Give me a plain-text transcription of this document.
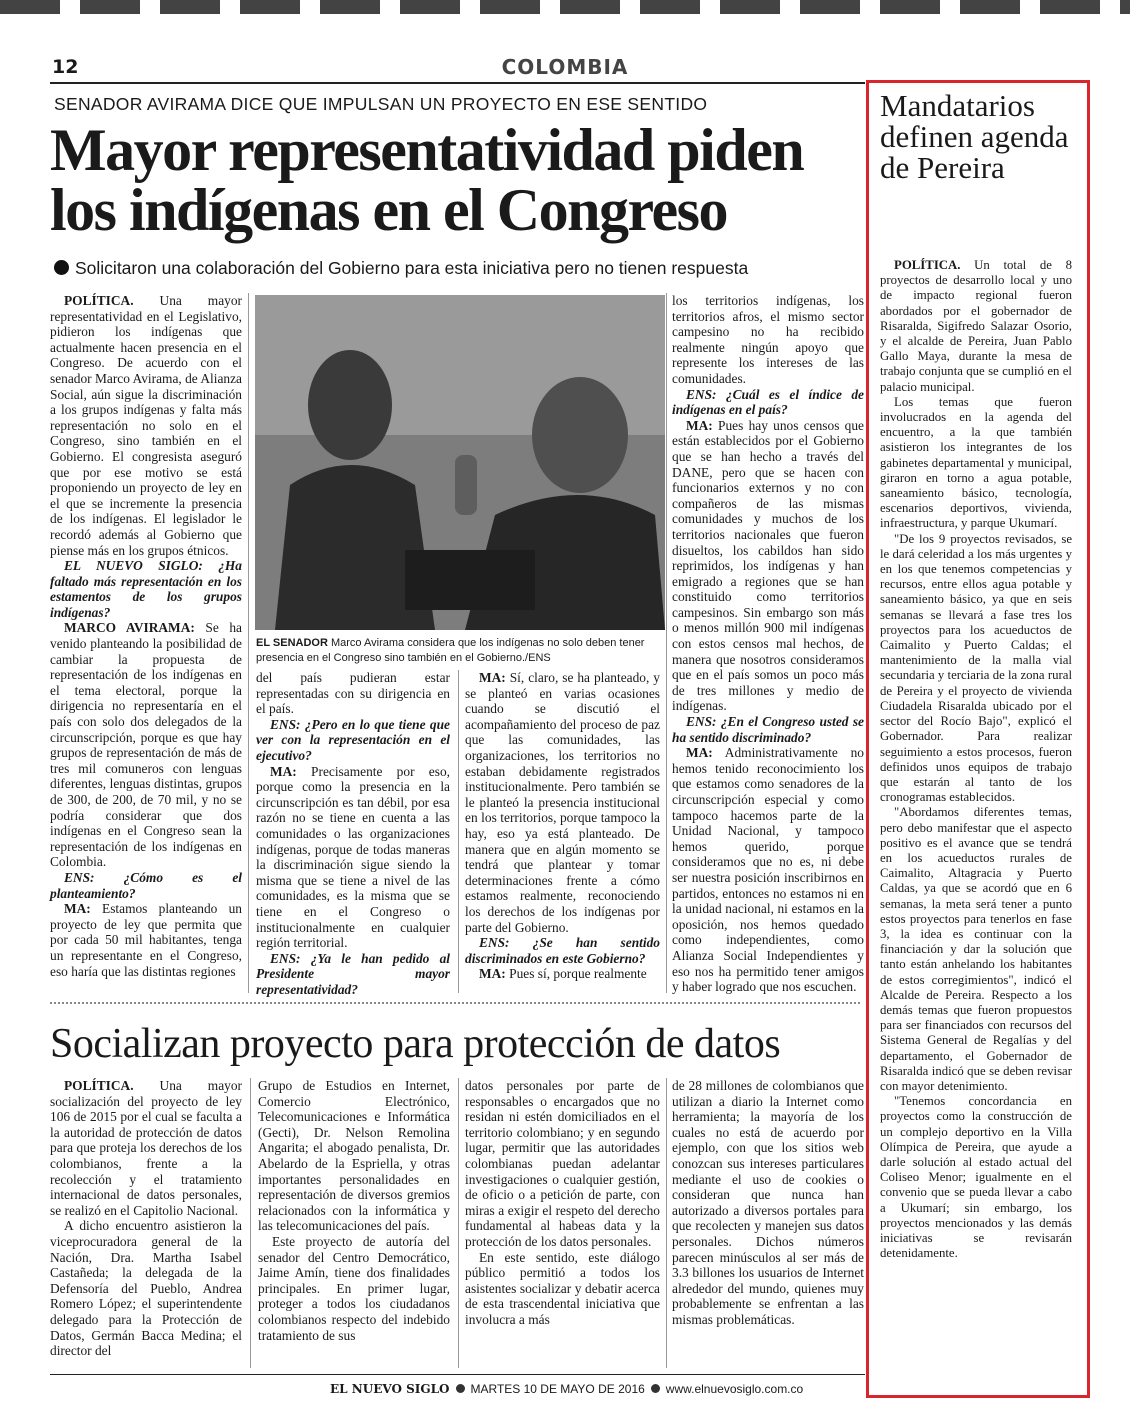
12	COLOMBIA
SENADOR AVIRAMA DICE QUE IMPULSAN UN PROYECTO EN ESE SENTIDO
Mayor representatividad piden los indígenas en el Congreso
Solicitaron una colaboración del Gobierno para esta iniciativa pero no tienen respuesta

POLÍTICA. Una mayor representatividad en el Legislativo, pidieron los indígenas que actualmente hacen presencia en el Congreso. De acuerdo con el senador Marco Avirama, de Alianza Social, aún sigue la discriminación a los grupos indígenas y falta más representación no solo en el Congreso, sino también en el Gobierno. El congresista aseguró que por ese motivo se está proponiendo un proyecto de ley en el que se incremente la presencia de los indígenas. El legislador le recordó además al Gobierno que piense más en los grupos étnicos.

EL NUEVO SIGLO: ¿Ha faltado más representación en los estamentos de los grupos indígenas?

MARCO AVIRAMA: Se ha venido planteando la posibilidad de cambiar la propuesta de representación de los indígenas en el tema electoral, porque la dirigencia no representaría en el país con solo dos delegados de la circunscripción, porque es que hay grupos de representación de más de tres mil comuneros con lenguas diferentes, lenguas distintas, grupos de 300, de 200, de 70 mil, y no se podría considerar que dos indígenas en el Congreso sean la representación de los indígenas en Colombia.

ENS: ¿Cómo es el planteamiento?

MA: Estamos planteando un proyecto de ley que permita que por cada 50 mil habitantes, tenga un representante en el Congreso, eso haría que las distintas regiones

EL SENADOR Marco Avirama considera que los indígenas no solo deben tener presencia en el Congreso sino también en el Gobierno./ENS

del país pudieran estar representadas con su dirigencia en el país.

ENS: ¿Pero en lo que tiene que ver con la representación en el ejecutivo?

MA: Precisamente por eso, porque como la presencia en la circunscripción es tan débil, por esa razón no se tiene en cuenta a las comunidades o las organizaciones indígenas, porque de todas maneras la discriminación sigue siendo la misma que se tiene a nivel de las comunidades, es la misma que se tiene en el Congreso o institucionalmente en cualquier región territorial.

ENS: ¿Ya le han pedido al Presidente mayor representatividad?

MA: Sí, claro, se ha planteado, y se planteó en varias ocasiones cuando se discutió el acompañamiento del proceso de paz que las comunidades, las organizaciones, los territorios no estaban debidamente registrados institucionalmente. Pero también se le planteó la presencia institucional en los territorios, porque tampoco la hay, eso ya está planteado. De manera que en algún momento se tendrá que plantear y tomar determinaciones frente a cómo estamos realmente, reconociendo los derechos de los indígenas por parte del Gobierno.

ENS: ¿Se han sentido discriminados en este Gobierno?

MA: Pues sí, porque realmente

los territorios indígenas, los territorios afros, el mismo sector campesino no ha recibido realmente ningún apoyo que represente los intereses de las comunidades.

ENS: ¿Cuál es el índice de indígenas en el país?

MA: Pues hay unos censos que están establecidos por el Gobierno que se han hecho a través del DANE, pero que se hacen con funcionarios externos y no con compañeros de las mismas comunidades y muchos de los territorios nacionales que fueron disueltos, los cabildos han sido reprimidos, los indígenas y han emigrado a regiones que se han constituido como territorios campesinos. Sin embargo son más o menos millón 900 mil indígenas con estos censos mal hechos, de manera que nosotros consideramos que en el país somos un poco más de tres millones y medio de indígenas.

ENS: ¿En el Congreso usted se ha sentido discriminado?

MA: Administrativamente no hemos tenido reconocimiento los que estamos como senadores de la circunscripción especial y como tampoco hacemos parte de la Unidad Nacional, y tampoco hemos querido, porque consideramos que no es, ni debe ser nuestra posición inscribirnos en partidos, entonces no estamos ni en la unidad nacional, ni estamos en la oposición, nos hemos quedado como independientes, como Alianza Social Independientes y eso nos ha permitido tener amigos y haber logrado que nos escuchen.

Socializan proyecto para protección de datos

POLÍTICA. Una mayor socialización del proyecto de ley 106 de 2015 por el cual se faculta a la autoridad de protección de datos para que proteja los derechos de los colombianos, frente a la recolección y el tratamiento internacional de datos personales, se realizó en el Capitolio Nacional.

A dicho encuentro asistieron la viceprocuradora general de la Nación, Dra. Martha Isabel Castañeda; la delegada de la Defensoría del Pueblo, Andrea Romero López; el superintendente delegado para la Protección de Datos, Germán Bacca Medina; el director del

Grupo de Estudios en Internet, Comercio Electrónico, Telecomunicaciones e Informática (Gecti), Dr. Nelson Remolina Angarita; el abogado penalista, Dr. Abelardo de la Espriella, y otras importantes personalidades en representación de diversos gremios relacionados con la informática y las telecomunicaciones del país.

Este proyecto de autoría del senador del Centro Democrático, Jaime Amín, tiene dos finalidades principales. En primer lugar, proteger a todos los ciudadanos colombianos respecto del indebido tratamiento de sus

datos personales por parte de responsables o encargados que no residan ni estén domiciliados en el territorio colombiano; y en segundo lugar, permitir que las autoridades colombianas puedan adelantar investigaciones o cualquier gestión, de oficio o a petición de parte, con miras a exigir el respeto del derecho fundamental al habeas data y la protección de los datos personales.

En este sentido, este diálogo público permitió a todos los asistentes socializar y debatir acerca de esta trascendental iniciativa que involucra a más

de 28 millones de colombianos que utilizan a diario la Internet como herramienta; la mayoría de los cuales no está de acuerdo por ejemplo, con que los sitios web conozcan sus intereses particulares mediante el uso de cookies o consideran que nunca han autorizado a diversos portales para que recolecten y manejen sus datos personales. Dichos números parecen minúsculos al ser más de 3.3 billones los usuarios de Internet alrededor del mundo, quienes muy probablemente se enfrentan a las mismas problemáticas.

Mandatarios definen agenda de Pereira

POLÍTICA. Un total de 8 proyectos de desarrollo local y uno de impacto regional fueron abordados por el gobernador de Risaralda, Sigifredo Salazar Osorio, y el alcalde de Pereira, Juan Pablo Gallo Maya, durante la mesa de trabajo conjunta que se cumplió en el palacio municipal.

Los temas que fueron involucrados en la agenda del encuentro, a la que también asistieron los integrantes de los gabinetes departamental y municipal, giraron en torno a agua potable, saneamiento básico, tecnología, escenarios deportivos, vivienda, infraestructura, y parque Ukumarí.

"De los 9 proyectos revisados, se le dará celeridad a los más urgentes y en los que tenemos competencias y recursos, entre ellos agua potable y saneamiento básico, ya que en seis semanas se llevará a fase tres los proyectos para los acueductos de Caimalito y Puerto Caldas; el mantenimiento de la malla vial secundaria y terciaria de la zona rural de Pereira y el proyecto de vivienda Ciudadela Risaralda ubicado por el sector del Rocío Bajo", explicó el Gobernador. Para realizar seguimiento a estos procesos, fueron definidos unos equipos de trabajo que estarán al tanto de los cronogramas establecidos.

"Abordamos diferentes temas, pero debo manifestar que el aspecto positivo es el avance que se tendrá en los acueductos rurales de Caimalito, Altagracia y Puerto Caldas, ya que se acordó que en 6 semanas, la meta será tener a punto estos proyectos para tenerlos en fase 3, la idea es continuar con la financiación y dar la solución que tanto están anhelando los habitantes de estos corregimientos", indicó el Alcalde de Pereira. Respecto a los demás temas que fueron propuestos para ser financiados con recursos del Sistema General de Regalías y del departamento, el Gobernador de Risaralda indicó que se deben revisar con mayor detenimiento.

"Tenemos concordancia en proyectos como la construcción de un complejo deportivo en la Villa Olímpica de Pereira, que ayude a darle solución al estado actual del Coliseo Menor; igualmente en el convenio que se pueda llevar a cabo a Ukumarí; sin embargo, los proyectos mencionados y las demás iniciativas se revisarán detenidamente.

EL NUEVO SIGLO MARTES 10 DE MAYO DE 2016 www.elnuevosiglo.com.co
